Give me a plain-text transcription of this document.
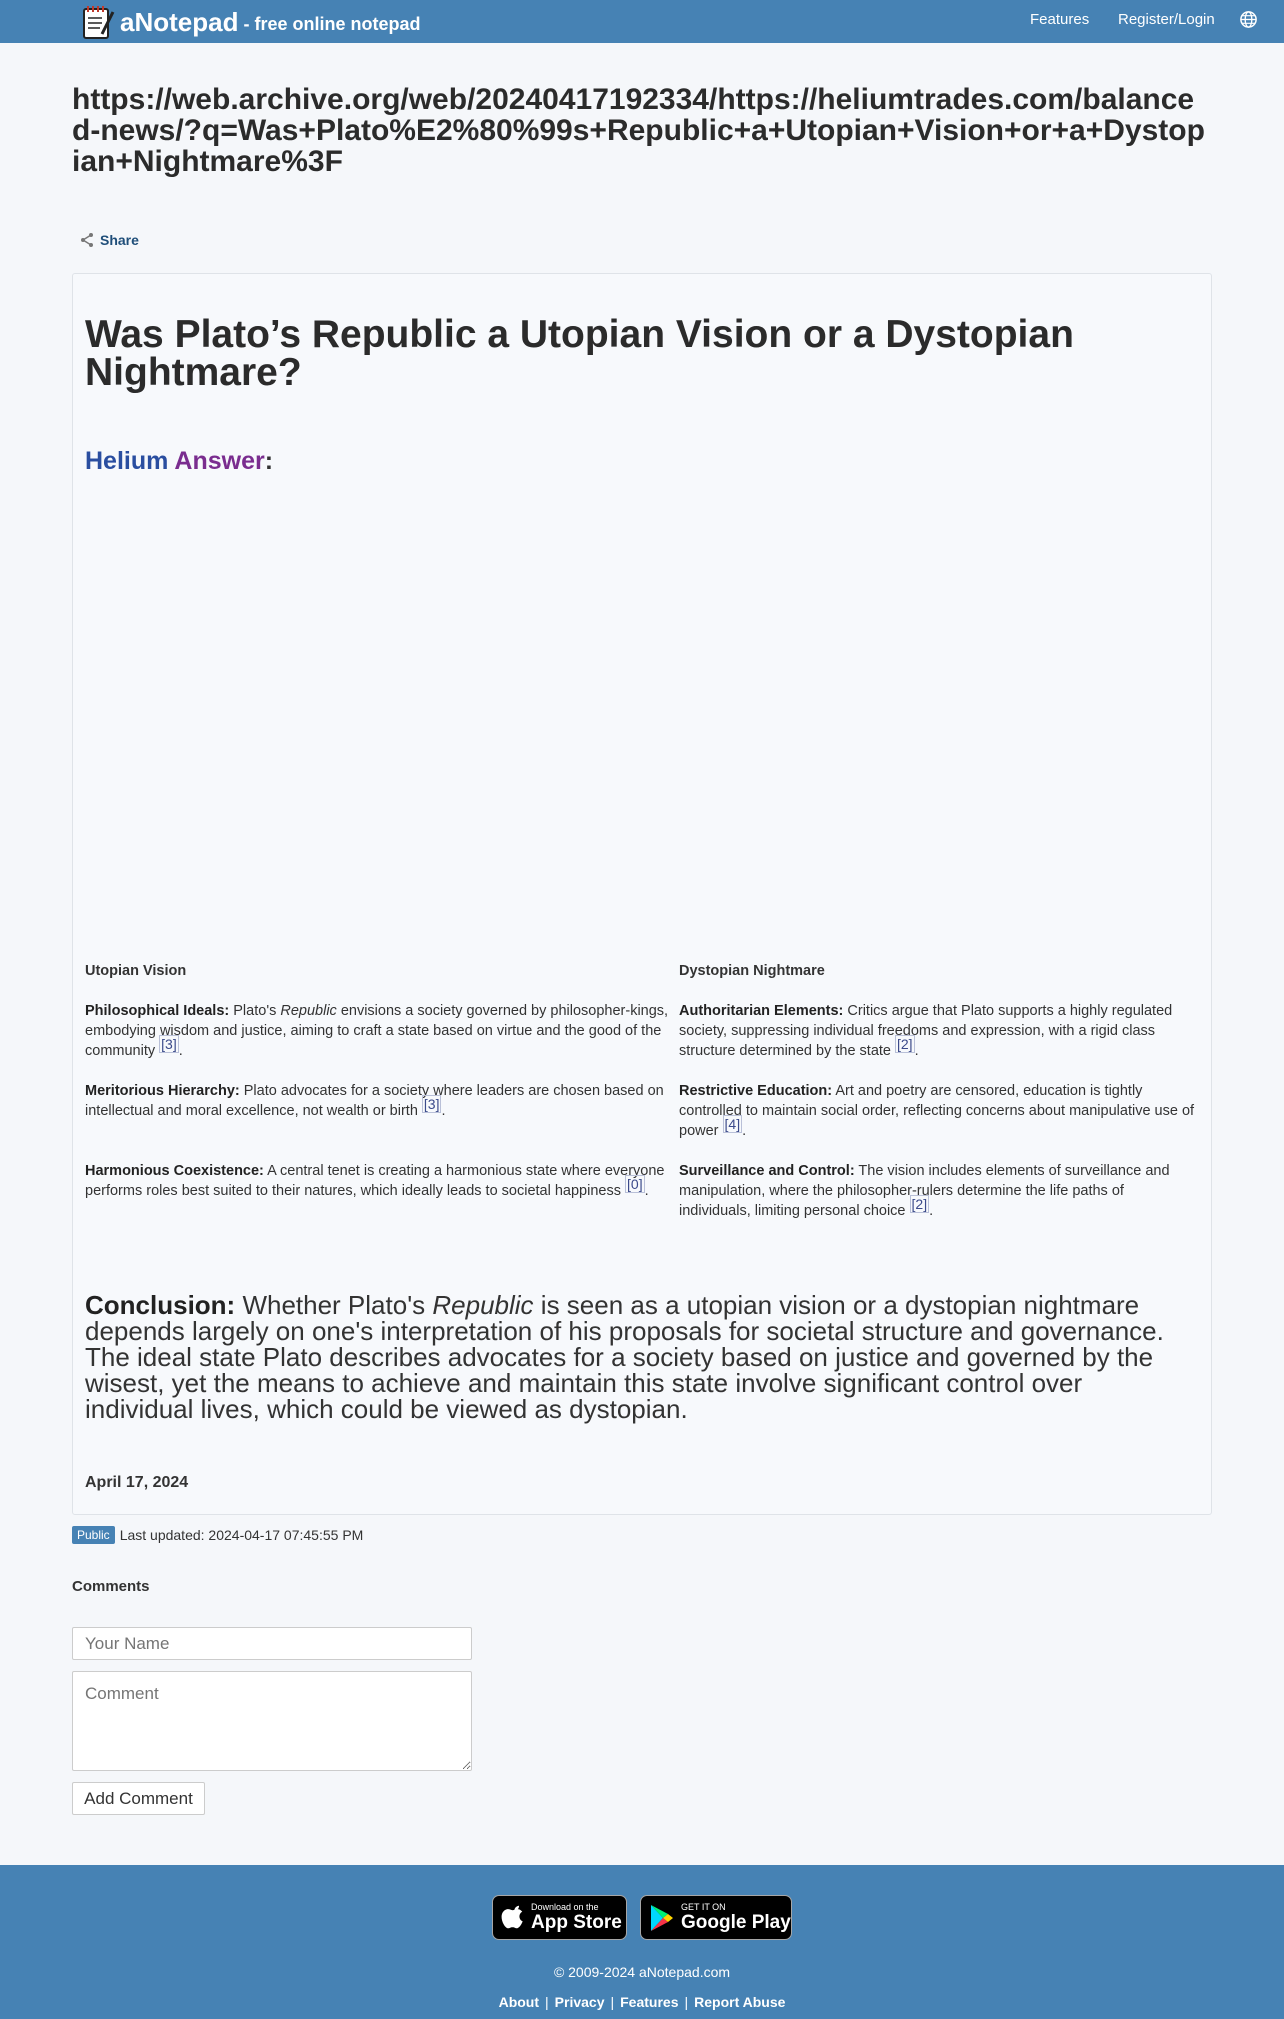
aNotepad - free online notepad	Features Register/Login
https://web.archive.org/web/20240417192334/https://heliumtrades.com/balanced-news/?q=Was+Plato%E2%80%99s+Republic+a+Utopian+Vision+or+a+Dystopian+Nightmare%3F
Share
Was Plato’s Republic a Utopian Vision or a Dystopian Nightmare?
Helium Answer:
Utopian Vision
Philosophical Ideals: Plato's Republic envisions a society governed by philosopher-kings, embodying wisdom and justice, aiming to craft a state based on virtue and the good of the community [3] .
Meritorious Hierarchy: Plato advocates for a society where leaders are chosen based on intellectual and moral excellence, not wealth or birth [3] .
Harmonious Coexistence: A central tenet is creating a harmonious state where everyone performs roles best suited to their natures, which ideally leads to societal happiness [0] .
Dystopian Nightmare
Authoritarian Elements: Critics argue that Plato supports a highly regulated society, suppressing individual freedoms and expression, with a rigid class structure determined by the state [2] .
Restrictive Education: Art and poetry are censored, education is tightly controlled to maintain social order, reflecting concerns about manipulative use of power [4] .
Surveillance and Control: The vision includes elements of surveillance and manipulation, where the philosopher-rulers determine the life paths of individuals, limiting personal choice [2] .

Conclusion: Whether Plato's Republic is seen as a utopian vision or a dystopian nightmare depends largely on one's interpretation of his proposals for societal structure and governance. The ideal state Plato describes advocates for a society based on justice and governed by the wisest, yet the means to achieve and maintain this state involve significant control over individual lives, which could be viewed as dystopian.

April 17, 2024
Public Last updated: 2024-04-17 07:45:55 PM
Comments
Your Name
Comment
Add Comment
Download on the
App Store
GET IT ON
Google Play
© 2009-2024 aNotepad.com
About | Privacy | Features | Report Abuse
